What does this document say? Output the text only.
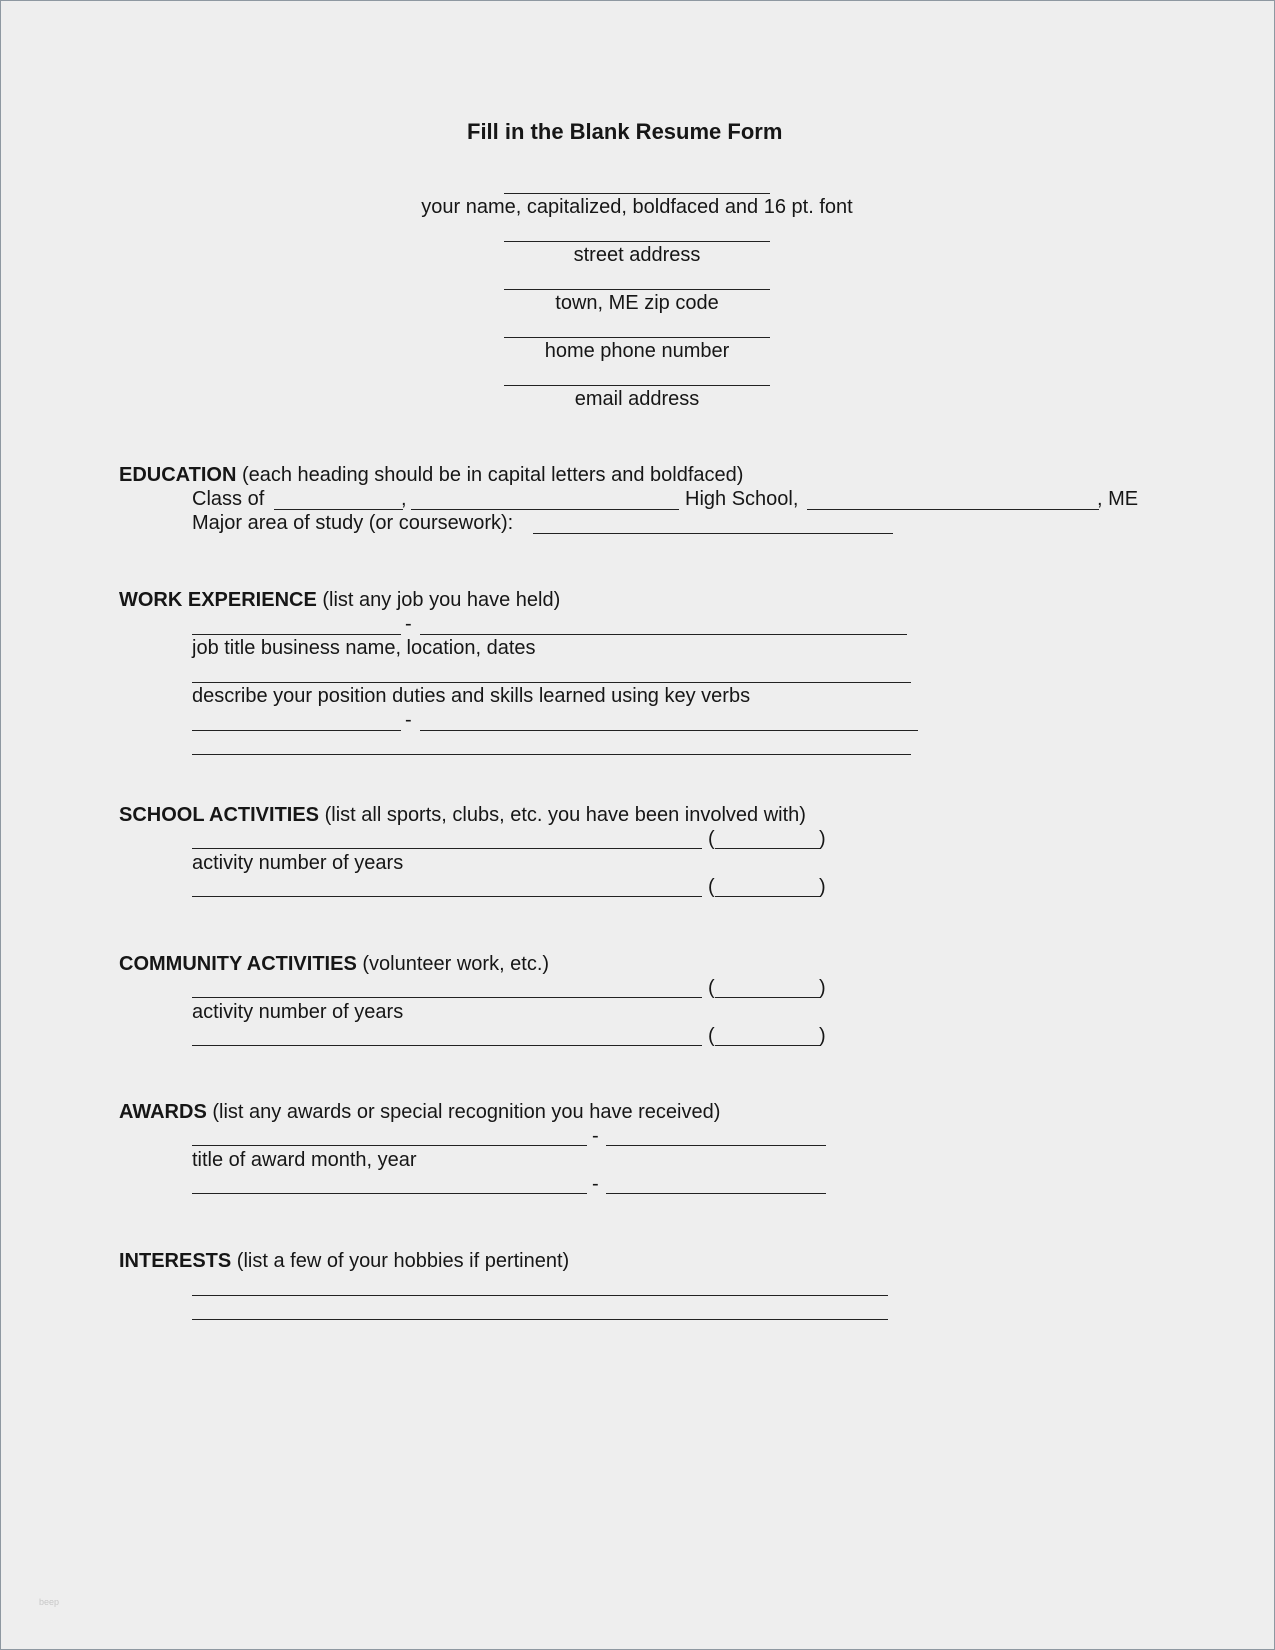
Fill in the Blank Resume Form
your name, capitalized, boldfaced and 16 pt. font
street address
town, ME zip code
home phone number
email address
EDUCATION (each heading should be in capital letters and boldfaced)
Class of	,	High School,	, ME
Major area of study (or coursework):
WORK EXPERIENCE (list any job you have held)
-
job title business name, location, dates
describe your position duties and skills learned using key verbs
-
SCHOOL ACTIVITIES (list all sports, clubs, etc. you have been involved with)
(	)
activity number of years
(	)
COMMUNITY ACTIVITIES (volunteer work, etc.)
(	)
activity number of years
(	)
AWARDS (list any awards or special recognition you have received)
-
title of award month, year
-
INTERESTS (list a few of your hobbies if pertinent)
beep
